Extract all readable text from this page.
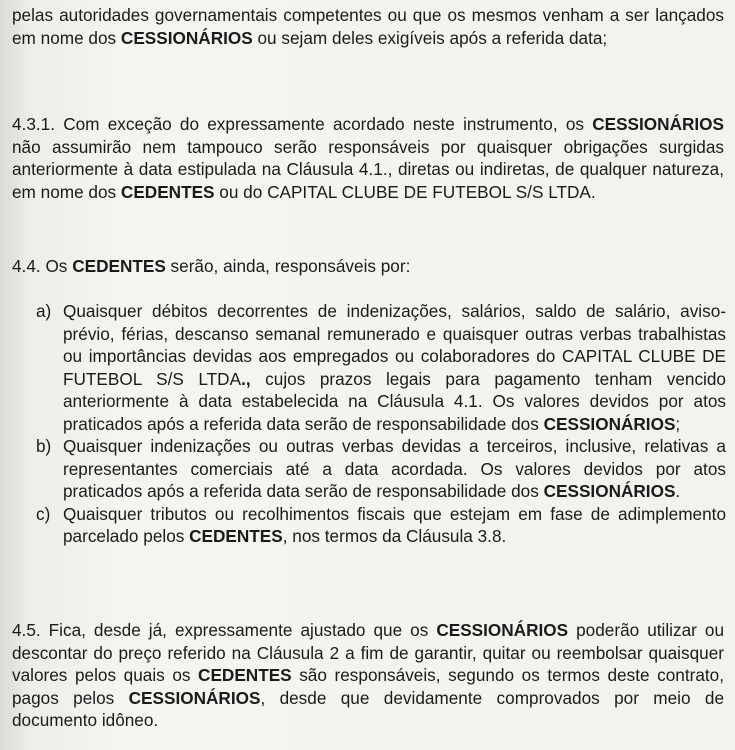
pelas autoridades governamentais competentes ou que os mesmos venham a ser lançados em nome dos CESSIONÁRIOS ou sejam deles exigíveis após a referida data;

4.3.1. Com exceção do expressamente acordado neste instrumento, os CESSIONÁRIOS não assumirão nem tampouco serão responsáveis por quaisquer obrigações surgidas anteriormente à data estipulada na Cláusula 4.1., diretas ou indiretas, de qualquer natureza, em nome dos CEDENTES ou do CAPITAL CLUBE DE FUTEBOL S/S LTDA.

4.4. Os CEDENTES serão, ainda, responsáveis por:

a) Quaisquer débitos decorrentes de indenizações, salários, saldo de salário, aviso-prévio, férias, descanso semanal remunerado e quaisquer outras verbas trabalhistas ou importâncias devidas aos empregados ou colaboradores do CAPITAL CLUBE DE FUTEBOL S/S LTDA., cujos prazos legais para pagamento tenham vencido anteriormente à data estabelecida na Cláusula 4.1. Os valores devidos por atos praticados após a referida data serão de responsabilidade dos CESSIONÁRIOS;
b) Quaisquer indenizações ou outras verbas devidas a terceiros, inclusive, relativas a representantes comerciais até a data acordada. Os valores devidos por atos praticados após a referida data serão de responsabilidade dos CESSIONÁRIOS.
c) Quaisquer tributos ou recolhimentos fiscais que estejam em fase de adimplemento parcelado pelos CEDENTES, nos termos da Cláusula 3.8.

4.5. Fica, desde já, expressamente ajustado que os CESSIONÁRIOS poderão utilizar ou descontar do preço referido na Cláusula 2 a fim de garantir, quitar ou reembolsar quaisquer valores pelos quais os CEDENTES são responsáveis, segundo os termos deste contrato, pagos pelos CESSIONÁRIOS, desde que devidamente comprovados por meio de documento idôneo.
